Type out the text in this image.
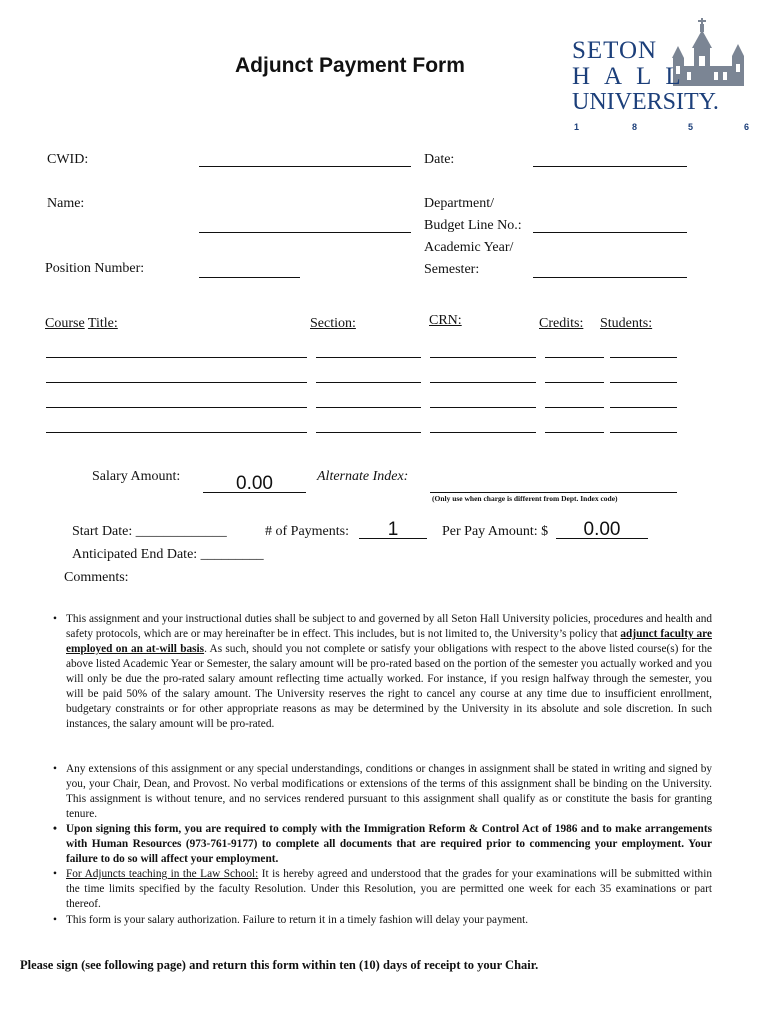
Adjunct Payment Form
SETON
HALL
UNIVERSITY.
1	8	5	6
CWID:	Date:
Name:	Department/
Budget Line No.:
Academic Year/
Semester:
Position Number:
Course Title:	Section:	CRN:	Credits: Students:
Salary Amount:	0.00	Alternate Index:
(Only use when charge is different from Dept. Index code)
Start Date: _____________	# of Payments:	1	Per Pay Amount: $	0.00
Anticipated End Date: _________
Comments:
• This assignment and your instructional duties shall be subject to and governed by all Seton Hall University policies, procedures and health and safety protocols, which are or may hereinafter be in effect. This includes, but is not limited to, the University’s policy that adjunct faculty are employed on an at-will basis. As such, should you not complete or satisfy your obligations with respect to the above listed course(s) for the above listed Academic Year or Semester, the salary amount will be pro-rated based on the portion of the semester you actually worked and you will only be due the pro-rated salary amount reflecting time actually worked. For instance, if you resign halfway through the semester, you will be paid 50% of the salary amount. The University reserves the right to cancel any course at any time due to insufficient enrollment, budgetary constraints or for other appropriate reasons as may be determined by the University in its absolute and sole discretion. In such instances, the salary amount will be pro-rated.
• Any extensions of this assignment or any special understandings, conditions or changes in assignment shall be stated in writing and signed by you, your Chair, Dean, and Provost. No verbal modifications or extensions of the terms of this assignment shall be binding on the University. This assignment is without tenure, and no services rendered pursuant to this assignment shall qualify as or constitute the basis for granting tenure.
• Upon signing this form, you are required to comply with the Immigration Reform & Control Act of 1986 and to make arrangements with Human Resources (973-761-9177) to complete all documents that are required prior to commencing your employment. Your failure to do so will affect your employment.
• For Adjuncts teaching in the Law School: It is hereby agreed and understood that the grades for your examinations will be submitted within the time limits specified by the faculty Resolution. Under this Resolution, you are permitted one week for each 35 examinations or part thereof.
• This form is your salary authorization. Failure to return it in a timely fashion will delay your payment.
Please sign (see following page) and return this form within ten (10) days of receipt to your Chair.
